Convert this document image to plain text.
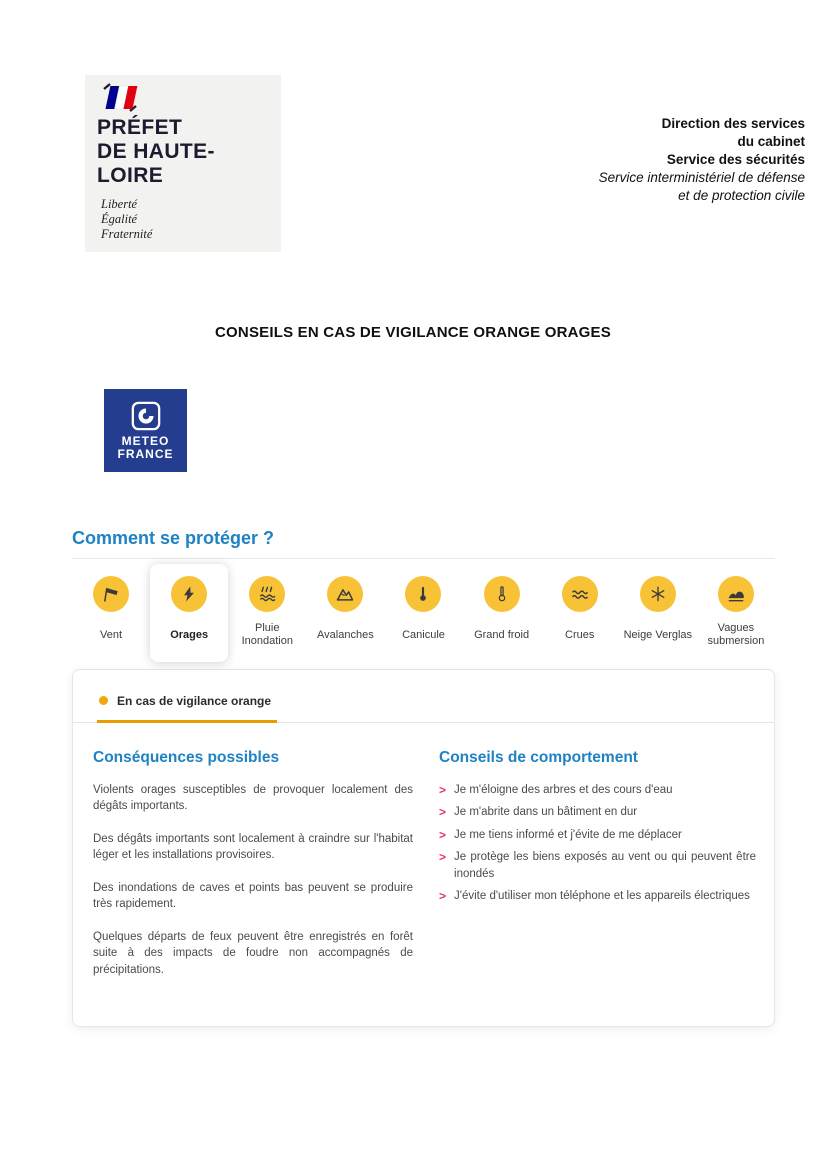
PRÉFET
DE HAUTE-LOIRE
Liberté
Égalité
Fraternité
Direction des services
du cabinet
Service des sécurités
Service interministériel de défense
et de protection civile
CONSEILS EN CAS DE VIGILANCE ORANGE ORAGES
METEO
FRANCE
Comment se protéger ?
Vent	Orages
Pluie Inondation
Avalanches	Canicule	Grand froid	Crues	Neige Verglas
Vagues submersion
En cas de vigilance orange
Conséquences possibles

Violents orages susceptibles de provoquer localement des dégâts importants.

Des dégâts importants sont localement à craindre sur l'habitat léger et les installations provisoires.

Des inondations de caves et points bas peuvent se produire très rapidement.

Quelques départs de feux peuvent être enregistrés en forêt suite à des impacts de foudre non accompagnés de précipitations.

Conseils de comportement
> Je m'éloigne des arbres et des cours d'eau
> Je m'abrite dans un bâtiment en dur
> Je me tiens informé et j'évite de me déplacer
> Je protège les biens exposés au vent ou qui peuvent être inondés
> J'évite d'utiliser mon téléphone et les appareils électriques
